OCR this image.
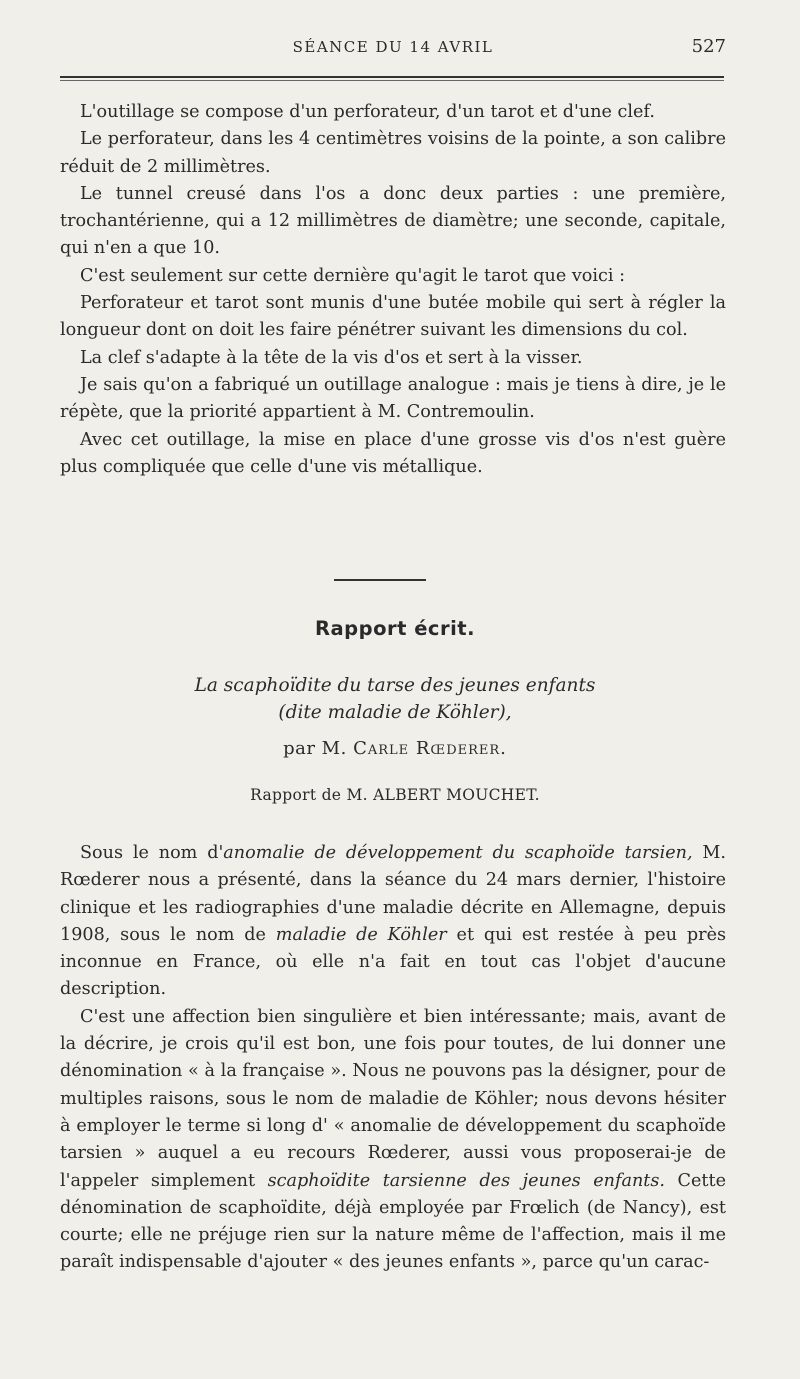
SÉANCE DU 14 AVRIL	527

L'outillage se compose d'un perforateur, d'un tarot et d'une clef.

Le perforateur, dans les 4 centimètres voisins de la pointe, a son calibre réduit de 2 millimètres.

Le tunnel creusé dans l'os a donc deux parties : une première, trochantérienne, qui a 12 millimètres de diamètre; une seconde, capitale, qui n'en a que 10.

C'est seulement sur cette dernière qu'agit le tarot que voici :

Perforateur et tarot sont munis d'une butée mobile qui sert à régler la longueur dont on doit les faire pénétrer suivant les dimensions du col.

La clef s'adapte à la tête de la vis d'os et sert à la visser.

Je sais qu'on a fabriqué un outillage analogue : mais je tiens à dire, je le répète, que la priorité appartient à M. Contremoulin.

Avec cet outillage, la mise en place d'une grosse vis d'os n'est guère plus compliquée que celle d'une vis métallique.

Rapport écrit.
La scaphoïdite du tarse des jeunes enfants
(dite maladie de Köhler),
par M. Carle Rœderer.
Rapport de M. ALBERT MOUCHET.

Sous le nom d'anomalie de développement du scaphoïde tarsien, M. Rœderer nous a présenté, dans la séance du 24 mars dernier, l'histoire clinique et les radiographies d'une maladie décrite en Allemagne, depuis 1908, sous le nom de maladie de Köhler et qui est restée à peu près inconnue en France, où elle n'a fait en tout cas l'objet d'aucune description.

C'est une affection bien singulière et bien intéressante; mais, avant de la décrire, je crois qu'il est bon, une fois pour toutes, de lui donner une dénomination « à la française ». Nous ne pouvons pas la désigner, pour de multiples raisons, sous le nom de maladie de Köhler; nous devons hésiter à employer le terme si long d' « anomalie de développement du scaphoïde tarsien » auquel a eu recours Rœderer, aussi vous proposerai-je de l'appeler simplement scaphoïdite tarsienne des jeunes enfants. Cette dénomination de scaphoïdite, déjà employée par Frœlich (de Nancy), est courte; elle ne préjuge rien sur la nature même de l'affection, mais il me paraît indispensable d'ajouter « des jeunes enfants », parce qu'un carac-
